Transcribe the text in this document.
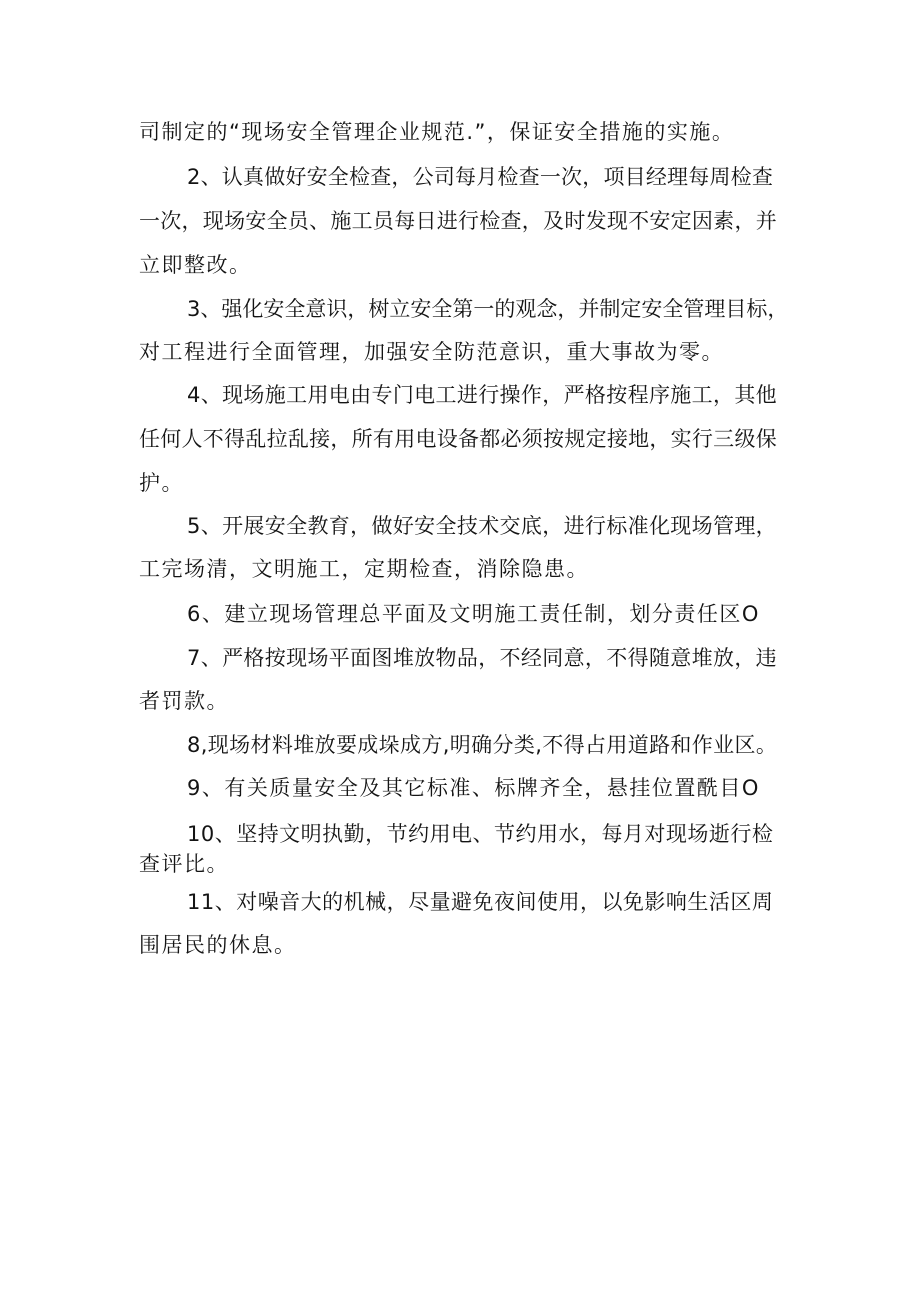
司制定的“现场安全管理企业规范.”，保证安全措施的实施。

2 、 认 真 做 好 安 全 检 查 ， 公 司 每 月 检 查 一 次 ， 项 目 经 理 每 周 检 查

一 次 ， 现 场 安 全 员 、 施 工 员 每 日 进 行 检 查 ， 及 时 发 现 不 安 定 因 素 ， 并

立即整改。

3 、 强 化 安 全 意 识 ， 树 立 安 全 第 一 的 观 念 ， 并 制 定 安 全 管 理 目 标 ，

对工程进行全面管理，加强安全防范意识，重大事故为零。

4 、 现 场 施 工 用 电 由 专 门 电 工 进 行 操 作 ， 严 格 按 程 序 施 工 ， 其 他

任 何 人 不 得 乱 拉 乱 接 ， 所 有 用 电 设 备 都 必 须 按 规 定 接 地 ， 实 行 三 级 保

护。

5 、 开 展 安 全 教 育 ， 做 好 安 全 技 术 交 底 ， 进 行 标 准 化 现 场 管 理 ，

工完场清，文明施工，定期检查，消除隐患。

6、建立现场管理总平面及文明施工责任制，划分责任区O

7 、 严 格 按 现 场 平 面 图 堆 放 物 品 ， 不 经 同 意 ， 不 得 随 意 堆 放 ， 违

者罚款。

8 , 现 场 材 料 堆 放 要 成 垛 成 方 , 明 确 分 类 , 不 得 占 用 道 路 和 作 业 区 。

9、有关质量安全及其它标准、标牌齐全，悬挂位置酰目O

1 0 、 坚 持 文 明 执 勤 ， 节 约 用 电 、 节 约 用 水 ， 每 月 对 现 场 逝 行 检

查评比。

1 1 、 对 噪 音 大 的 机 械 ， 尽 量 避 免 夜 间 使 用 ， 以 免 影 响 生 活 区 周

围居民的休息。
